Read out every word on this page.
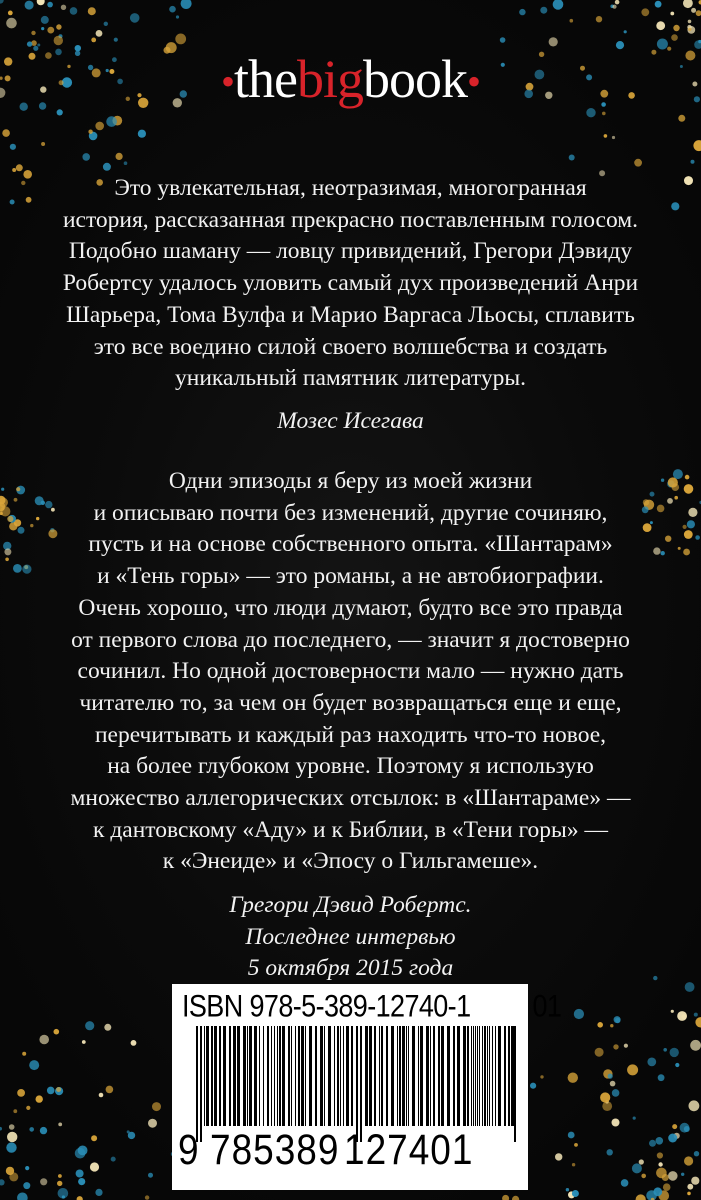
•thebigbook•

Это увлекательная, неотразимая, многогранная

история, рассказанная прекрасно поставленным голосом.

Подобно шаману — ловцу привидений, Грегори Дэвиду

Робертсу удалось уловить самый дух произведений Анри

Шарьера, Тома Вулфа и Марио Варгаса Льосы, сплавить

это все воедино силой своего волшебства и создать

уникальный памятник литературы.

Мозес Исегава

Одни эпизоды я беру из моей жизни

и описываю почти без изменений, другие сочиняю,

пусть и на основе собственного опыта. «Шантарам»

и «Тень горы» — это романы, а не автобиографии.

Очень хорошо, что люди думают, будто все это правда

от первого слова до последнего, — значит я достоверно

сочинил. Но одной достоверности мало — нужно дать

читателю то, за чем он будет возвращаться еще и еще,

перечитывать и каждый раз находить что-то новое,

на более глубоком уровне. Поэтому я использую

множество аллегорических отсылок: в «Шантараме» —

к дантовскому «Аду» и к Библии, в «Тени горы» —

к «Энеиде» и «Эпосу о Гильгамеше».

Грегори Дэвид Робертс.

Последнее интервью

5 октября 2015 года

ISBN 978-5-389-12740-1 01
9 785389 127401
